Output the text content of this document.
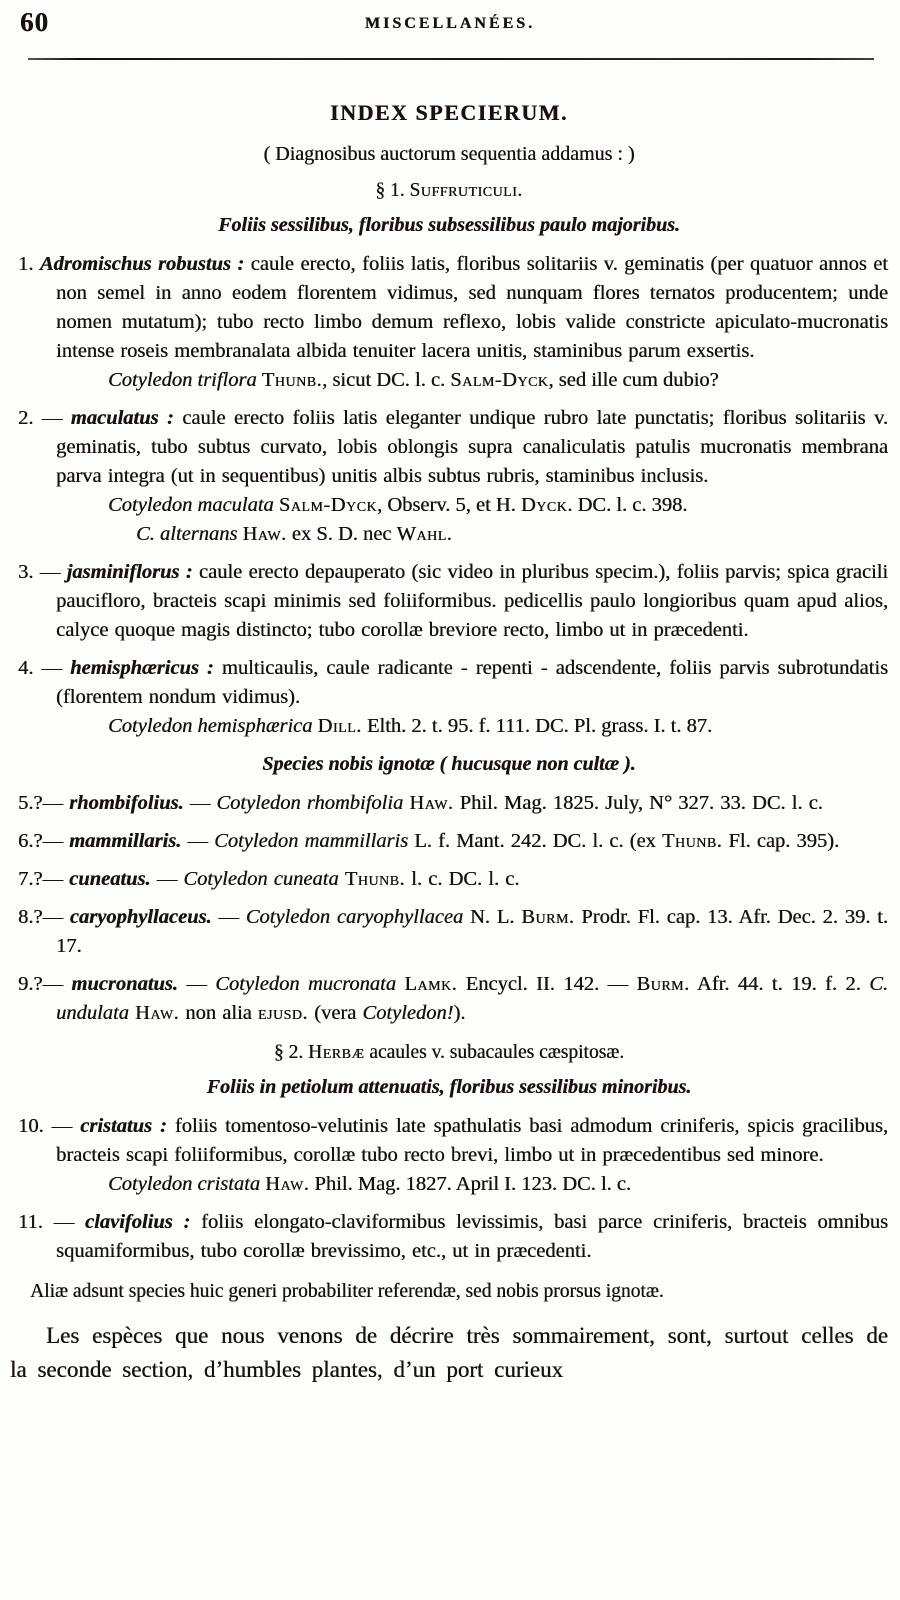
60	MISCELLANÉES.

INDEX SPECIERUM.

( Diagnosibus auctorum sequentia addamus : )

§ 1. Suffruticuli.

Foliis sessilibus, floribus subsessilibus paulo majoribus.

1. Adromischus robustus : caule erecto, foliis latis, floribus solitariis v. geminatis (per quatuor annos et non semel in anno eodem florentem vidimus, sed nunquam flores ternatos producentem; unde nomen mutatum); tubo recto limbo demum reflexo, lobis valide constricte apiculato-mucronatis intense roseis membranalata albida tenuiter lacera unitis, staminibus parum exsertis.

Cotyledon triflora Thunb., sicut DC. l. c. Salm-Dyck, sed ille cum dubio?

2. — maculatus : caule erecto foliis latis eleganter undique rubro late punctatis; floribus solitariis v. geminatis, tubo subtus curvato, lobis oblongis supra canaliculatis patulis mucronatis membrana parva integra (ut in sequentibus) unitis albis subtus rubris, staminibus inclusis.

Cotyledon maculata Salm-Dyck, Observ. 5, et H. Dyck. DC. l. c. 398.

C. alternans Haw. ex S. D. nec Wahl.

3. — jasminiflorus : caule erecto depauperato (sic video in pluribus specim.), foliis parvis; spica gracili paucifloro, bracteis scapi minimis sed foliiformibus. pedicellis paulo longioribus quam apud alios, calyce quoque magis distincto; tubo corollæ breviore recto, limbo ut in præcedenti.

4. — hemisphæricus : multicaulis, caule radicante - repenti - adscendente, foliis parvis subrotundatis (florentem nondum vidimus).

Cotyledon hemisphærica Dill. Elth. 2. t. 95. f. 111. DC. Pl. grass. I. t. 87.

Species nobis ignotæ ( hucusque non cultæ ).

5.?— rhombifolius. — Cotyledon rhombifolia Haw. Phil. Mag. 1825. July, N° 327. 33. DC. l. c.

6.?— mammillaris. — Cotyledon mammillaris L. f. Mant. 242. DC. l. c. (ex Thunb. Fl. cap. 395).

7.?— cuneatus. — Cotyledon cuneata Thunb. l. c. DC. l. c.

8.?— caryophyllaceus. — Cotyledon caryophyllacea N. L. Burm. Prodr. Fl. cap. 13. Afr. Dec. 2. 39. t. 17.

9.?— mucronatus. — Cotyledon mucronata Lamk. Encycl. II. 142. — Burm. Afr. 44. t. 19. f. 2. C. undulata Haw. non alia ejusd. (vera Cotyledon!).

§ 2. Herbæ acaules v. subacaules cæspitosæ.

Foliis in petiolum attenuatis, floribus sessilibus minoribus.

10. — cristatus : foliis tomentoso-velutinis late spathulatis basi admodum criniferis, spicis gracilibus, bracteis scapi foliiformibus, corollæ tubo recto brevi, limbo ut in præcedentibus sed minore.

Cotyledon cristata Haw. Phil. Mag. 1827. April I. 123. DC. l. c.

11. — clavifolius : foliis elongato-claviformibus levissimis, basi parce criniferis, bracteis omnibus squamiformibus, tubo corollæ brevissimo, etc., ut in præcedenti.

Aliæ adsunt species huic generi probabiliter referendæ, sed nobis prorsus ignotæ.

Les espèces que nous venons de décrire très sommairement, sont, surtout celles de la seconde section, d’humbles plantes, d’un port curieux
